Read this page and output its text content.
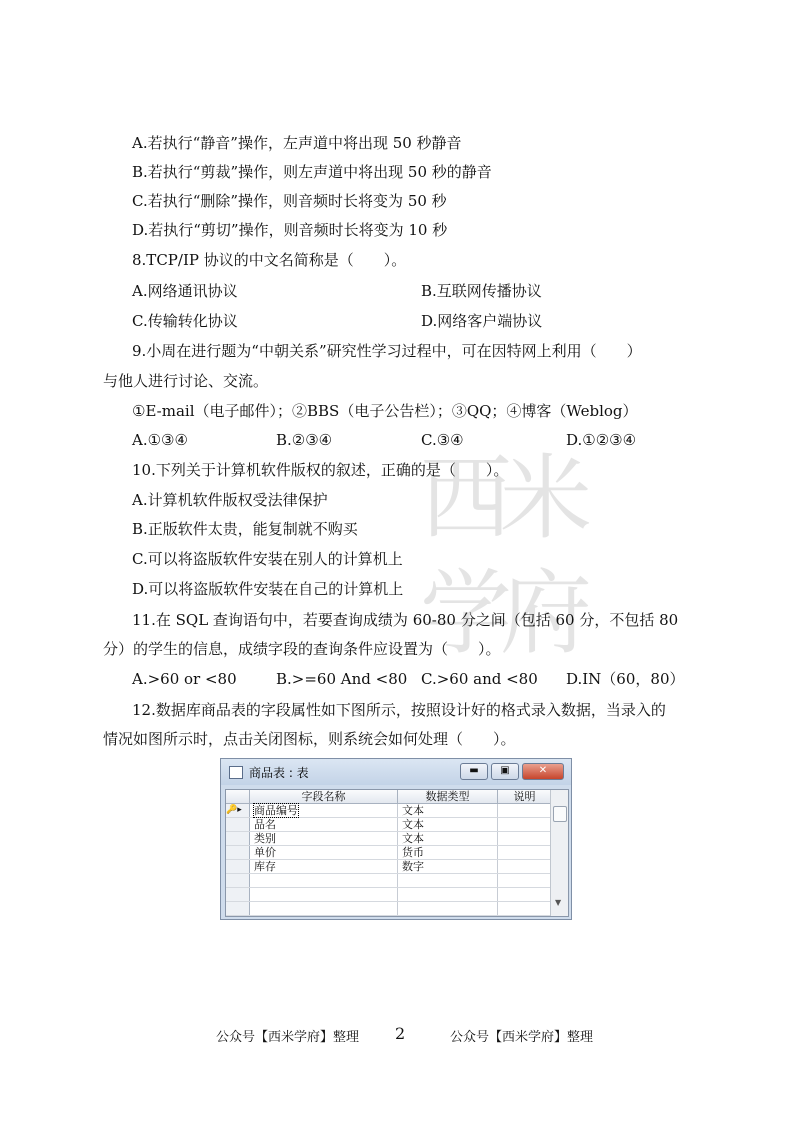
西
米
学
府
A.若执行“静音”操作，左声道中将出现 50 秒静音
B.若执行“剪裁”操作，则左声道中将出现 50 秒的静音
C.若执行“删除”操作，则音频时长将变为 50 秒
D.若执行“剪切”操作，则音频时长将变为 10 秒
8.TCP/IP 协议的中文名简称是（　　）。
A.网络通讯协议	B.互联网传播协议
C.传输转化协议	D.网络客户端协议
9.小周在进行题为“中朝关系”研究性学习过程中，可在因特网上利用（　　）
与他人进行讨论、交流。
①E-mail（电子邮件）；②BBS（电子公告栏）；③QQ；④博客（Weblog）
A.①③④	B.②③④	C.③④	D.①②③④
10.下列关于计算机软件版权的叙述，正确的是（　　）。
A.计算机软件版权受法律保护
B.正版软件太贵，能复制就不购买
C.可以将盗版软件安装在别人的计算机上
D.可以将盗版软件安装在自己的计算机上
11.在 SQL 查询语句中，若要查询成绩为 60-80 分之间（包括 60 分，不包括 80
分）的学生的信息，成绩字段的查询条件应设置为（　　）。
A.>60 or <80	B.>=60 And <80 C.>60 and <80 D.IN（60，80）
12.数据库商品表的字段属性如下图所示，按照设计好的格式录入数据，当录入的
情况如图所示时，点击关闭图标，则系统会如何处理（　　）。
商品表 : 表	▬	▣	✕
字段名称	数据类型	说明
🔑▸	商品编号	文本
品名	文本
类别	文本
单价	货币
库存	数字
▼
公众号【西米学府】整理 2	公众号【西米学府】整理
